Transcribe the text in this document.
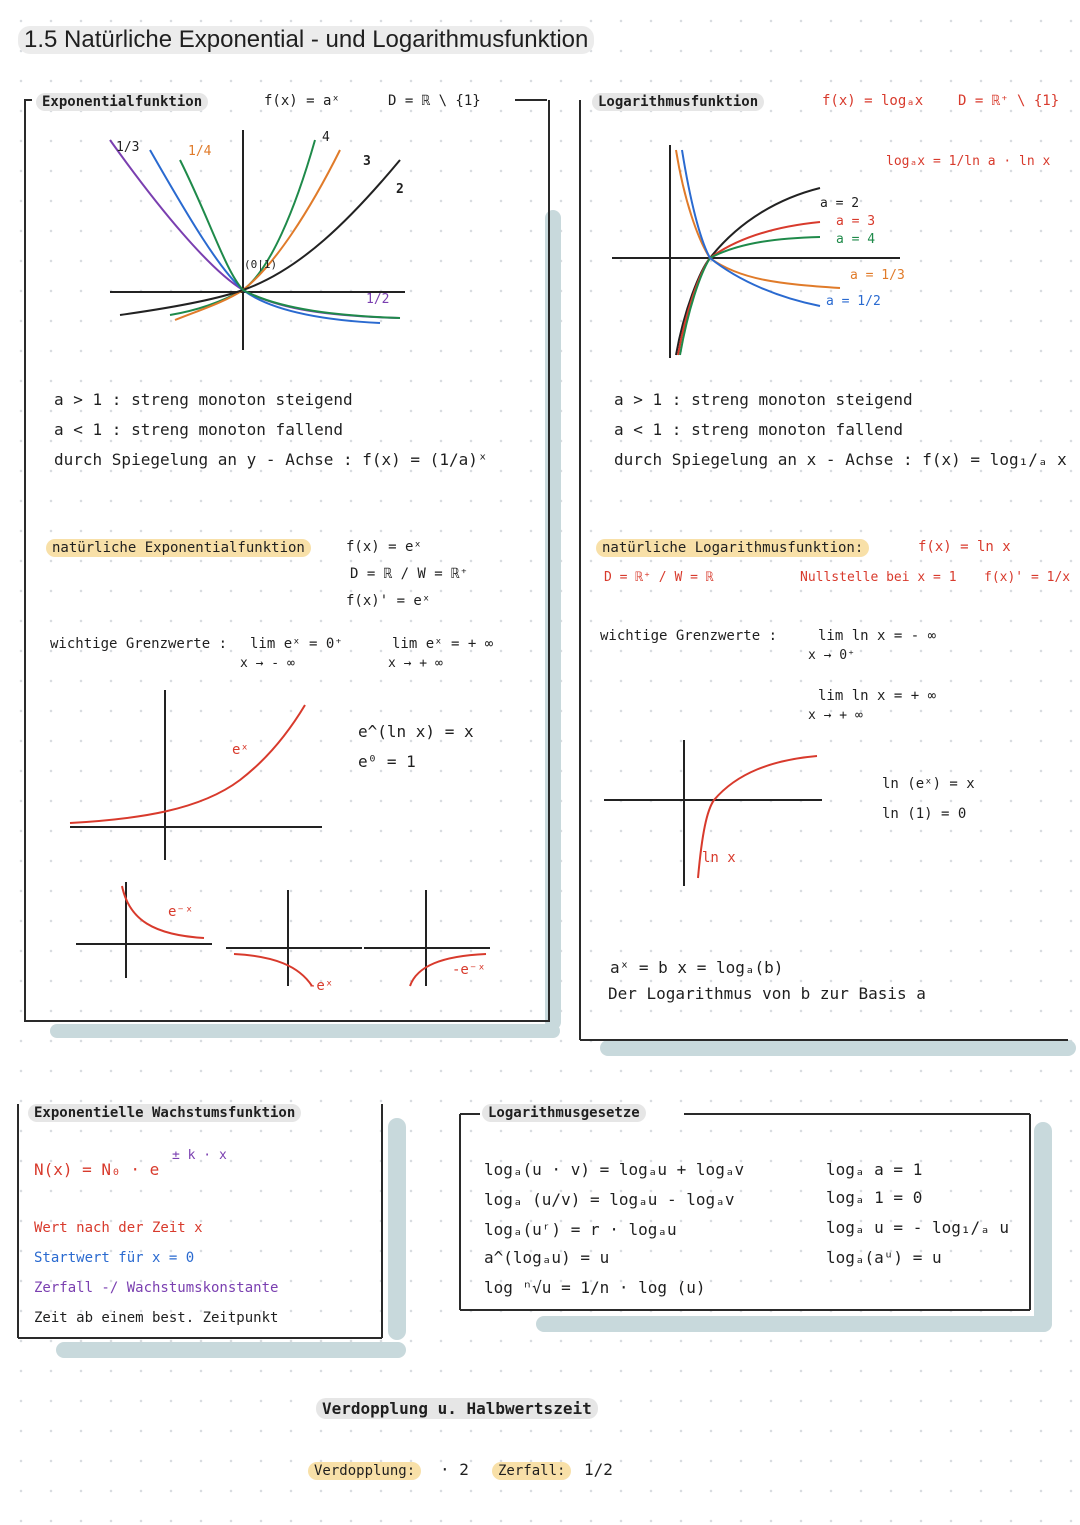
1.5 Natürliche Exponential - und Logarithmusfunktion
Exponentialfunktion	f(x) = aˣ	D = ℝ \ {1}
1/3	1/4
4
3
2
1/2
(0|1)
a > 1 : streng monoton steigend
a < 1 : streng monoton fallend
durch Spiegelung an y - Achse : f(x) = (1/a)ˣ
natürliche Exponentialfunktion	f(x) = eˣ
D = ℝ / W = ℝ⁺
f(x)' = eˣ
wichtige Grenzwerte : lim eˣ = 0⁺
x → - ∞
lim eˣ = + ∞
x → + ∞
eˣ
e^(ln x) = x
e⁰ = 1
e⁻ˣ
-eˣ
-e⁻ˣ
Logarithmusfunktion	f(x) = logₐx D = ℝ⁺ \ {1}
logₐx = 1/ln a · ln x
a = 2
a = 3
a = 4
a = 1/3
a = 1/2
a > 1 : streng monoton steigend
a < 1 : streng monoton fallend
durch Spiegelung an x - Achse : f(x) = log₁/ₐ x
natürliche Logarithmusfunktion:	f(x) = ln x
D = ℝ⁺ / W = ℝ	Nullstelle bei x = 1 f(x)' = 1/x
wichtige Grenzwerte :	lim ln x = - ∞
x → 0⁺
lim ln x = + ∞
x → + ∞
ln x
ln (eˣ) = x
ln (1) = 0
aˣ = b x = logₐ(b)
Der Logarithmus von b zur Basis a
Exponentielle Wachstumsfunktion
N(x) = N₀ · e
± k · x
Wert nach der Zeit x
Startwert für x = 0
Zerfall -/ Wachstumskonstante
Zeit ab einem best. Zeitpunkt
Logarithmusgesetze
logₐ(u · v) = logₐu + logₐv
logₐ (u/v) = logₐu - logₐv
logₐ(uʳ) = r · logₐu
a^(logₐu) = u
log ⁿ√u = 1/n · log (u)
logₐ a = 1
logₐ 1 = 0
logₐ u = - log₁/ₐ u
logₐ(aᵘ) = u
Verdopplung u. Halbwertszeit
Verdopplung:	· 2	Zerfall:	1/2
